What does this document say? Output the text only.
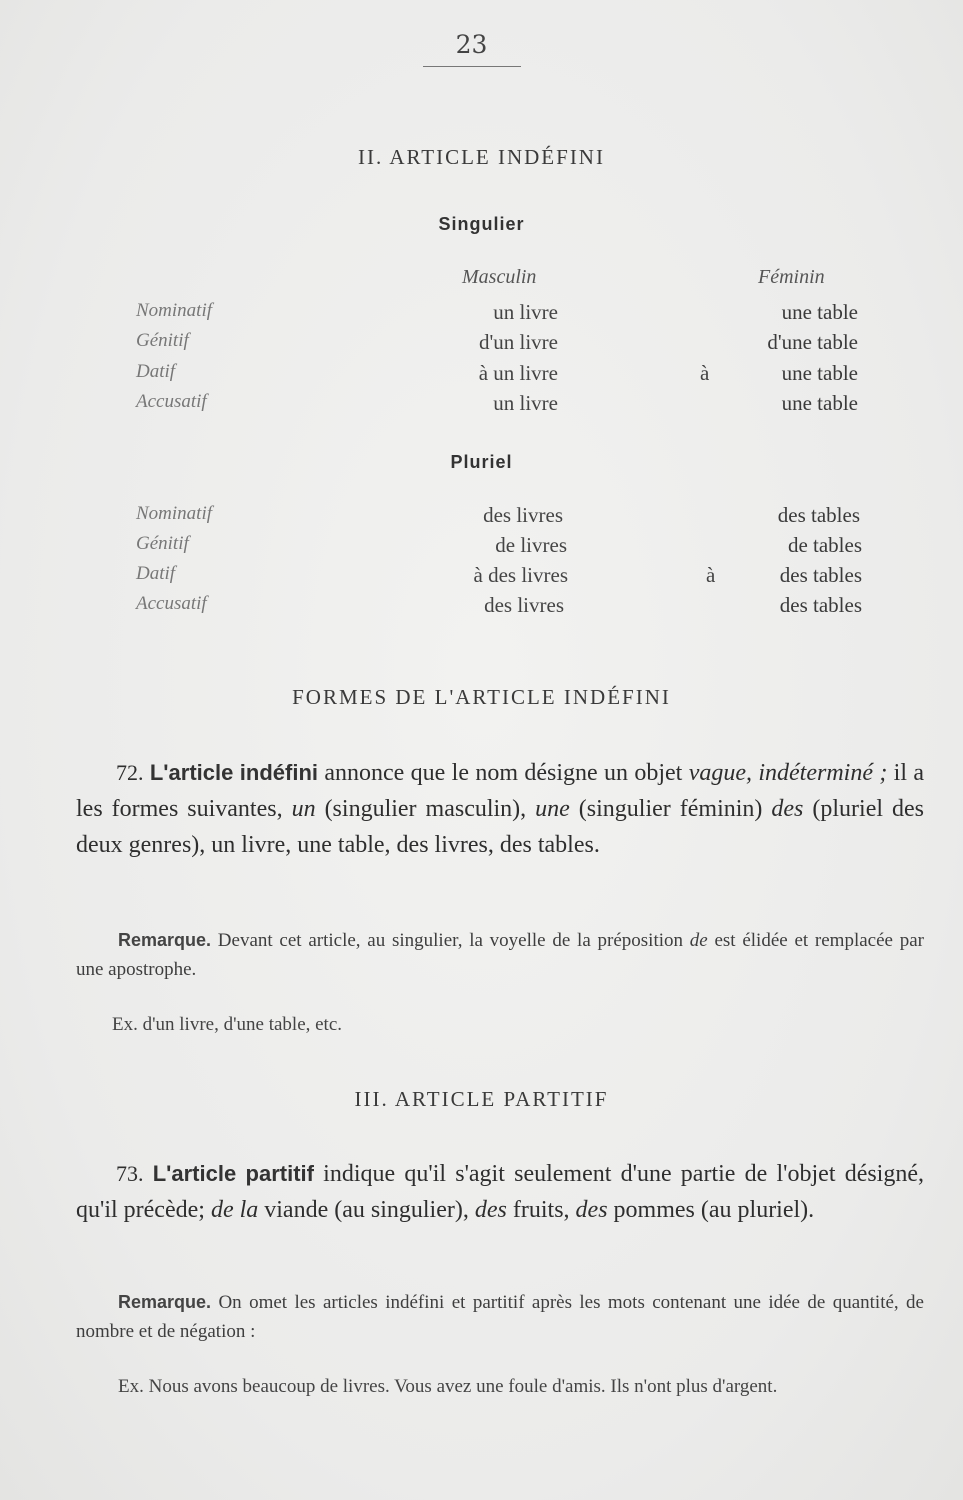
23
II. ARTICLE INDÉFINI
Singulier
Masculin	Féminin
Nominatif	un livre	une table
Génitif	d'un livre	d'une table
Datif	à un livre	à	une table
Accusatif	un livre	une table
Pluriel
Nominatif	des livres	des tables
Génitif	de livres	de tables
Datif	à des livres	à	des tables
Accusatif	des livres	des tables
FORMES DE L'ARTICLE INDÉFINI
72. L'article indéfini annonce que le nom désigne un objet vague, indéterminé ; il a les formes suivantes, un (singulier masculin), une (singulier féminin) des (pluriel des deux genres), un livre, une table, des livres, des tables.
Remarque. Devant cet article, au singulier, la voyelle de la préposition de est élidée et remplacée par une apostrophe.
Ex. d'un livre, d'une table, etc.
III. ARTICLE PARTITIF
73. L'article partitif indique qu'il s'agit seulement d'une partie de l'objet désigné, qu'il précède; de la viande (au singulier), des fruits, des pommes (au pluriel).
Remarque. On omet les articles indéfini et partitif après les mots contenant une idée de quantité, de nombre et de négation :
Ex. Nous avons beaucoup de livres. Vous avez une foule d'amis. Ils n'ont plus d'argent.
